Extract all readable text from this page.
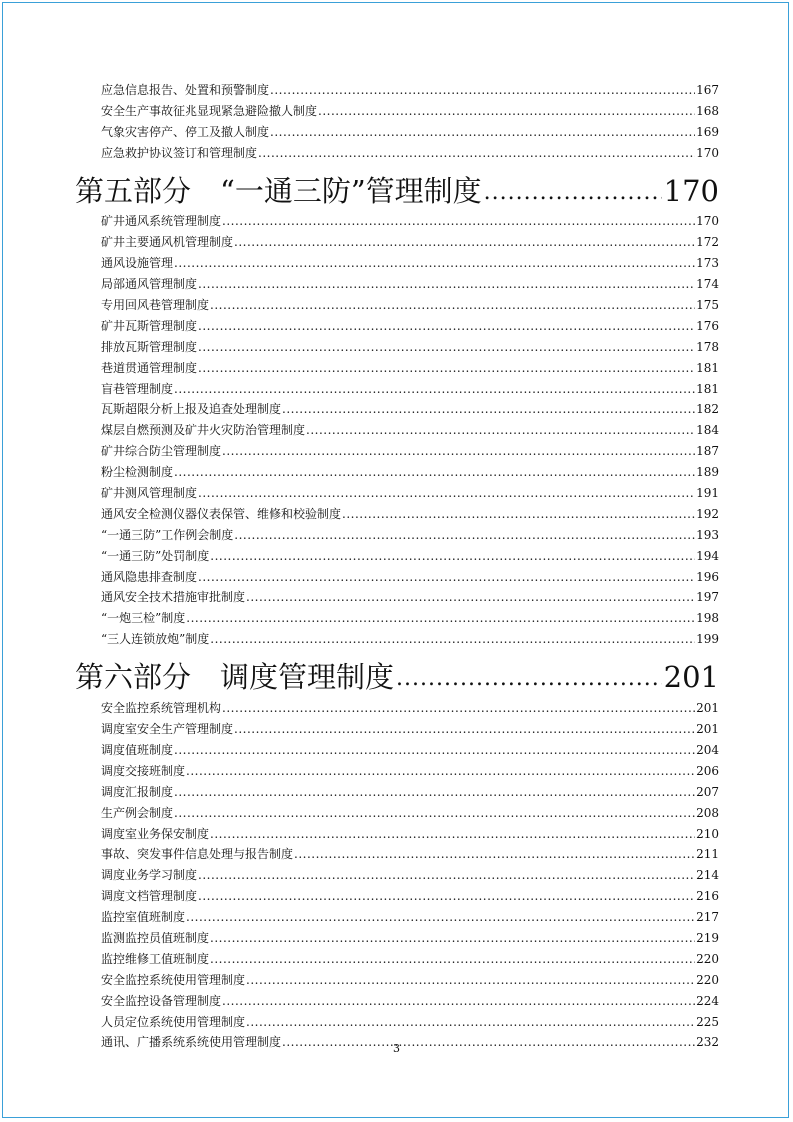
应急信息报告、处置和预警制度 .....	167
安全生产事故征兆显现紧急避险撤人制度 .....	168
气象灾害停产、停工及撤人制度 .....	169
应急救护协议签订和管理制度 .....	170
第五部分　“一通三防”管理制度 .....	170
矿井通风系统管理制度 .....	170
矿井主要通风机管理制度 .....	172
通风设施管理 .....	173
局部通风管理制度 .....	174
专用回风巷管理制度 .....	175
矿井瓦斯管理制度 .....	176
排放瓦斯管理制度 .....	178
巷道贯通管理制度 .....	181
盲巷管理制度 .....	181
瓦斯超限分析上报及追查处理制度 .....	182
煤层自燃预测及矿井火灾防治管理制度 .....	184
矿井综合防尘管理制度 .....	187
粉尘检测制度 .....	189
矿井测风管理制度 .....	191
通风安全检测仪器仪表保管、维修和校验制度 .....	192
“一通三防”工作例会制度 .....	193
“一通三防”处罚制度 .....	194
通风隐患排查制度 .....	196
通风安全技术措施审批制度 .....	197
“一炮三检”制度 .....	198
“三人连锁放炮”制度 .....	199
第六部分　调度管理制度 .....	201
安全监控系统管理机构 .....	201
调度室安全生产管理制度 .....	201
调度值班制度 .....	204
调度交接班制度 .....	206
调度汇报制度 .....	207
生产例会制度 .....	208
调度室业务保安制度 .....	210
事故、突发事件信息处理与报告制度 .....	211
调度业务学习制度 .....	214
调度文档管理制度 .....	216
监控室值班制度 .....	217
监测监控员值班制度 .....	219
监控维修工值班制度 .....	220
安全监控系统使用管理制度 .....	220
安全监控设备管理制度 .....	224
人员定位系统使用管理制度 .....	225
通讯、广播系统系统使用管理制度 .....	232
3
